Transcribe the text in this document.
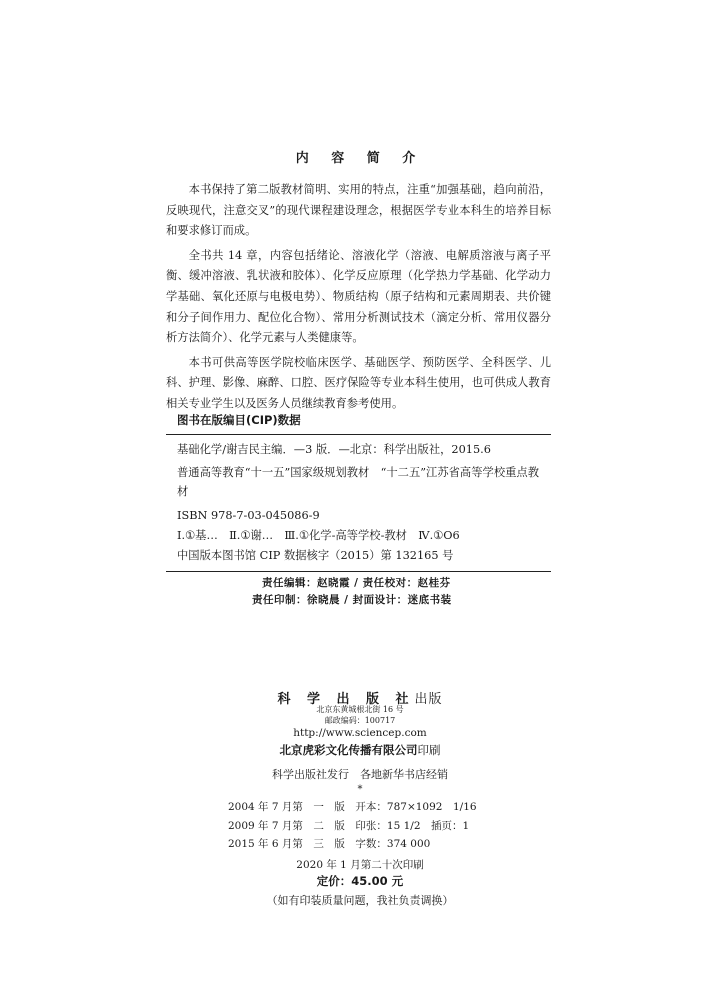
内 容 简 介

本书保持了第二版教材简明、实用的特点，注重“加强基础，趋向前沿，反映现代，注意交叉”的现代课程建设理念，根据医学专业本科生的培养目标和要求修订而成。

全书共 14 章，内容包括绪论、溶液化学（溶液、电解质溶液与离子平衡、缓冲溶液、乳状液和胶体）、化学反应原理（化学热力学基础、化学动力学基础、氧化还原与电极电势）、物质结构（原子结构和元素周期表、共价键和分子间作用力、配位化合物）、常用分析测试技术（滴定分析、常用仪器分析方法简介）、化学元素与人类健康等。

本书可供高等医学院校临床医学、基础医学、预防医学、全科医学、儿科、护理、影像、麻醉、口腔、医疗保险等专业本科生使用，也可供成人教育相关专业学生以及医务人员继续教育参考使用。

图书在版编目(CIP)数据
基础化学/谢吉民主编．—3 版．—北京：科学出版社，2015.6
普通高等教育“十一五”国家级规划教材　“十二五”江苏省高等学校重点教材
ISBN 978-7-03-045086-9
Ⅰ.①基…　Ⅱ.①谢…　Ⅲ.①化学-高等学校-教材　Ⅳ.①O6
中国版本图书馆 CIP 数据核字（2015）第 132165 号
责任编辑：赵晓霞 / 责任校对：赵桂芬
责任印制：徐晓晨 / 封面设计：迷底书装
科 学 出 版 社出版
北京东黄城根北街 16 号
邮政编码：100717
http://www.sciencep.com
北京虎彩文化传播有限公司印刷
科学出版社发行　各地新华书店经销
*
2004 年 7 月第　一　版　开本：787×1092　1/16
2009 年 7 月第　二　版　印张：15 1/2　插页：1
2015 年 6 月第　三　版　字数：374 000
2020 年 1 月第二十次印刷
定价：45.00 元
（如有印装质量问题，我社负责调换）
